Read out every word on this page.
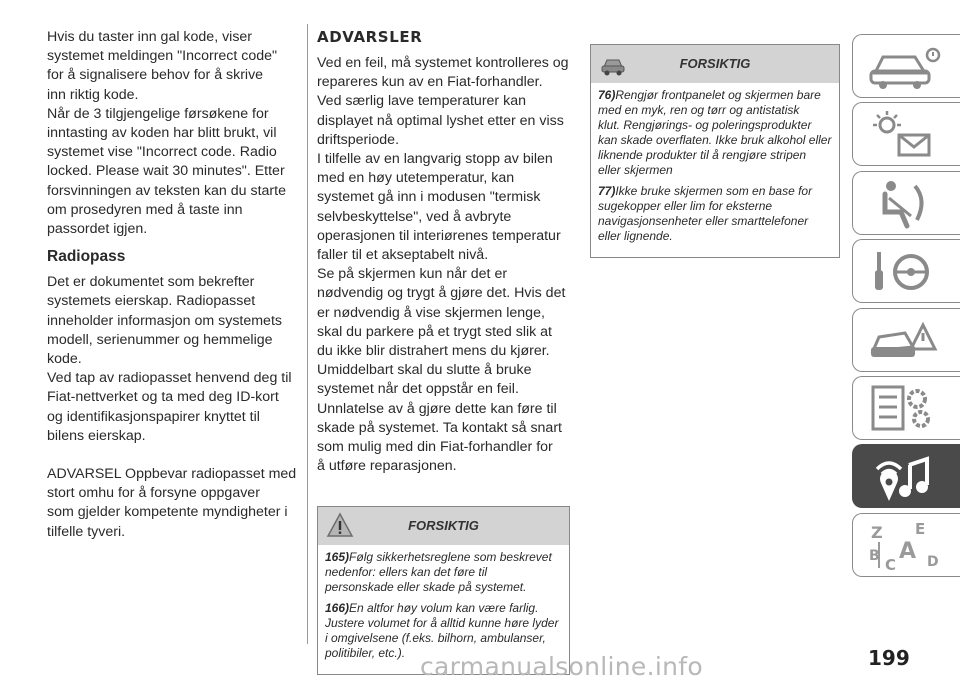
Hvis du taster inn gal kode, viser
systemet meldingen "Incorrect code"
for å signalisere behov for å skrive
inn riktig kode.
Når de 3 tilgjengelige førsøkene for
inntasting av koden har blitt brukt, vil
systemet vise "Incorrect code. Radio
locked. Please wait 30 minutes". Etter
forsvinningen av teksten kan du starte
om prosedyren med å taste inn
passordet igjen.

Radiopass

Det er dokumentet som bekrefter
systemets eierskap. Radiopasset
inneholder informasjon om systemets
modell, serienummer og hemmelige
kode.
Ved tap av radiopasset henvend deg til
Fiat-nettverket og ta med deg ID-kort
og identifikasjonspapirer knyttet til
bilens eierskap.

ADVARSEL Oppbevar radiopasset med
stort omhu for å forsyne oppgaver
som gjelder kompetente myndigheter i
tilfelle tyveri.

ADVARSLER

Ved en feil, må systemet kontrolleres og
repareres kun av en Fiat-forhandler.
Ved særlig lave temperaturer kan
displayet nå optimal lyshet etter en viss
driftsperiode.
I tilfelle av en langvarig stopp av bilen
med en høy utetemperatur, kan
systemet gå inn i modusen "termisk
selvbeskyttelse", ved å avbryte
operasjonen til interiørenes temperatur
faller til et akseptabelt nivå.
Se på skjermen kun når det er
nødvendig og trygt å gjøre det. Hvis det
er nødvendig å vise skjermen lenge,
skal du parkere på et trygt sted slik at
du ikke blir distrahert mens du kjører.
Umiddelbart skal du slutte å bruke
systemet når det oppstår en feil.
Unnlatelse av å gjøre dette kan føre til
skade på systemet. Ta kontakt så snart
som mulig med din Fiat-forhandler for
å utføre reparasjonen.

FORSIKTIG

165)Følg sikkerhetsreglene som beskrevet
nedenfor: ellers kan det føre til
personskade eller skade på systemet.

166)En altfor høy volum kan være farlig.
Justere volumet for å alltid kunne høre lyder
i omgivelsene (f.eks. bilhorn, ambulanser,
politibiler, etc.).

FORSIKTIG

76)Rengjør frontpanelet og skjermen bare
med en myk, ren og tørr og antistatisk
klut. Rengjørings- og poleringsprodukter
kan skade overflaten. Ikke bruk alkohol eller
liknende produkter til å rengjøre stripen
eller skjermen

77)Ikke bruke skjermen som en base for
sugekopper eller lim for eksterne
navigasjonsenheter eller smarttelefoner
eller lignende.

Z E
B A
C D
199
carmanualsonline.info
